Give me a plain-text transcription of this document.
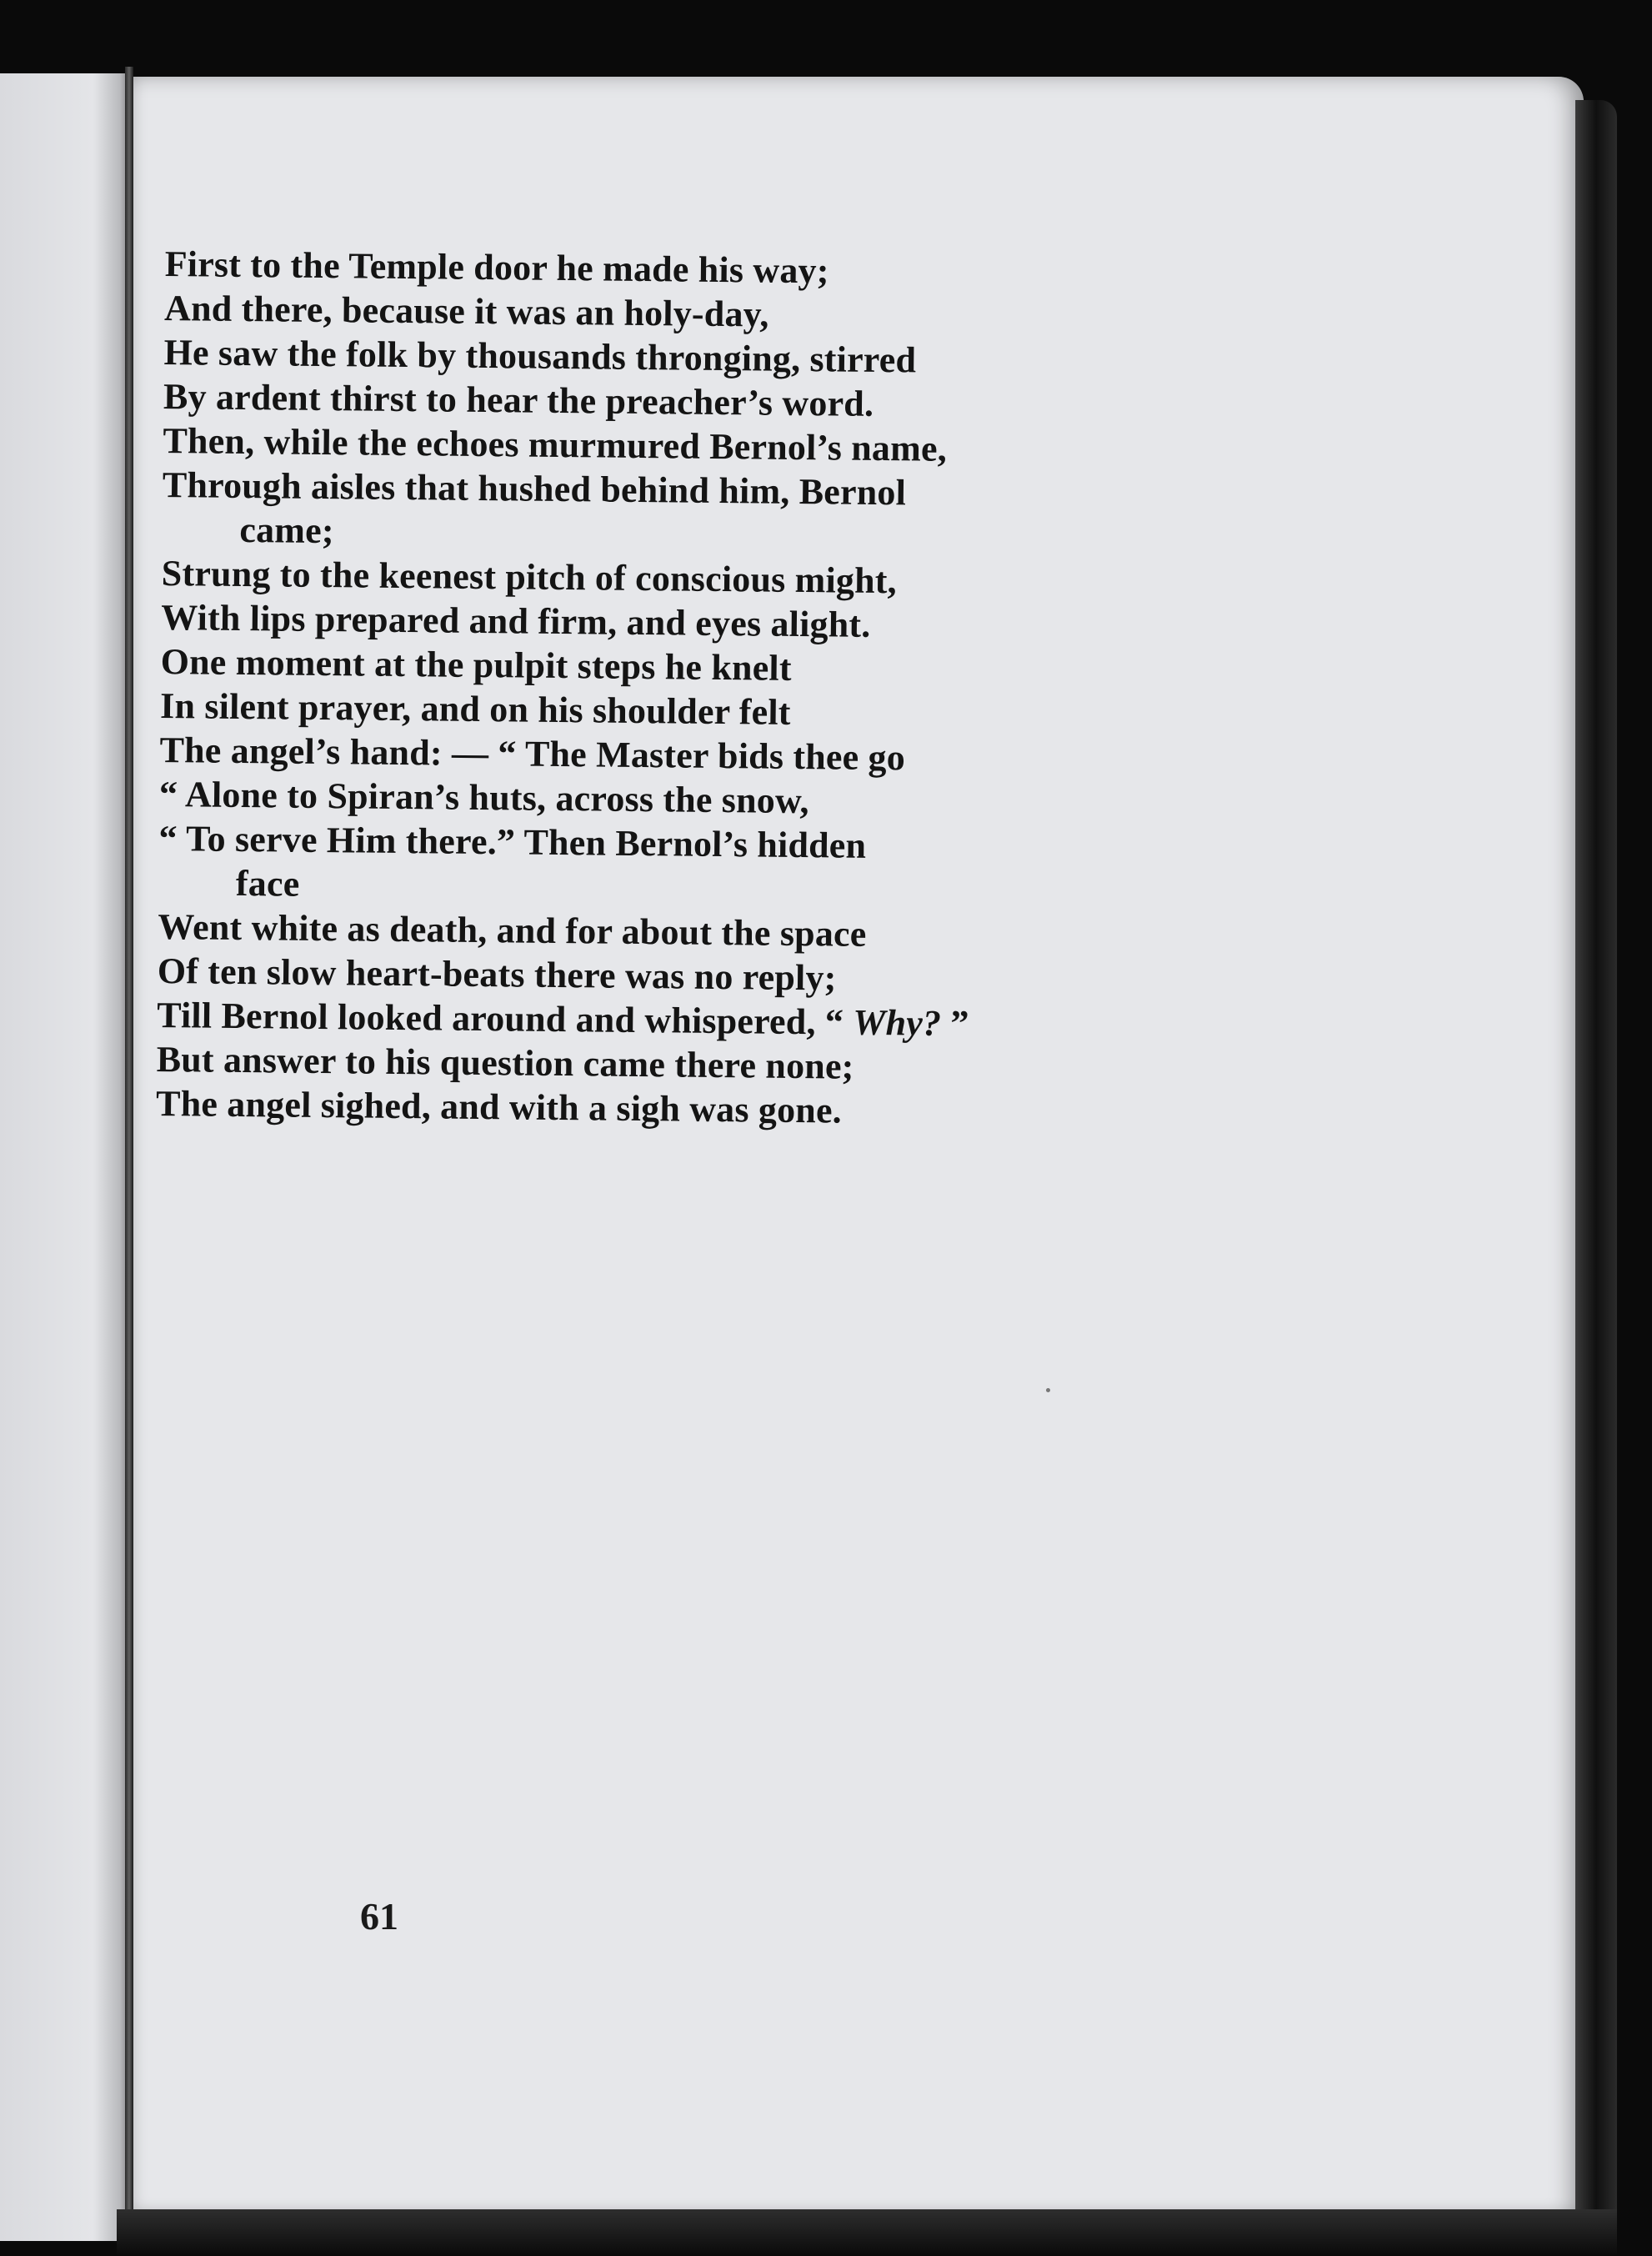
First to the Temple door he made his way;
And there, because it was an holy-day,
He saw the folk by thousands thronging, stirred
By ardent thirst to hear the preacher’s word.
Then, while the echoes murmured Bernol’s name,
Through aisles that hushed behind him, Bernol
came;
Strung to the keenest pitch of conscious might,
With lips prepared and firm, and eyes alight.
One moment at the pulpit steps he knelt
In silent prayer, and on his shoulder felt
The angel’s hand: — “ The Master bids thee go
“ Alone to Spiran’s huts, across the snow,
“ To serve Him there.” Then Bernol’s hidden
face
Went white as death, and for about the space
Of ten slow heart-beats there was no reply;
Till Bernol looked around and whispered, “ Why? ”
But answer to his question came there none;
The angel sighed, and with a sigh was gone.
61
